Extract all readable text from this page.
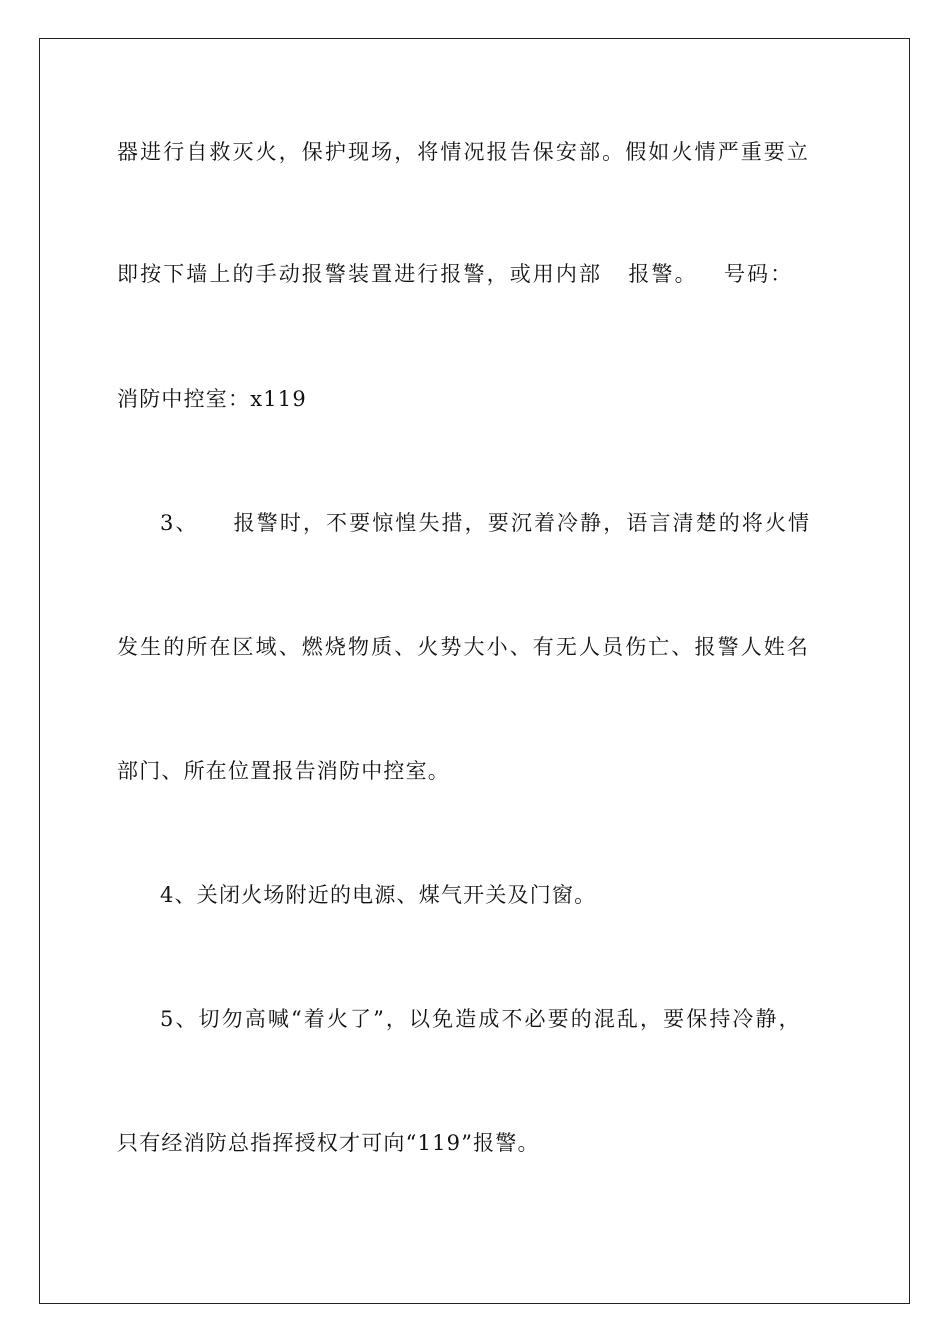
器进行自救灭火，保护现场，将情况报告保安部。假如火情严重要立
即按下墙上的手动报警装置进行报警，或用内部   报警。   号码：
消防中控室：x119
3、    报警时，不要惊惶失措，要沉着冷静，语言清楚的将火情
发生的所在区域、燃烧物质、火势大小、有无人员伤亡、报警人姓名
部门、所在位置报告消防中控室。
4、关闭火场附近的电源、煤气开关及门窗。
5、切勿高喊“着火了”，以免造成不必要的混乱，要保持冷静，
只有经消防总指挥授权才可向“119”报警。
